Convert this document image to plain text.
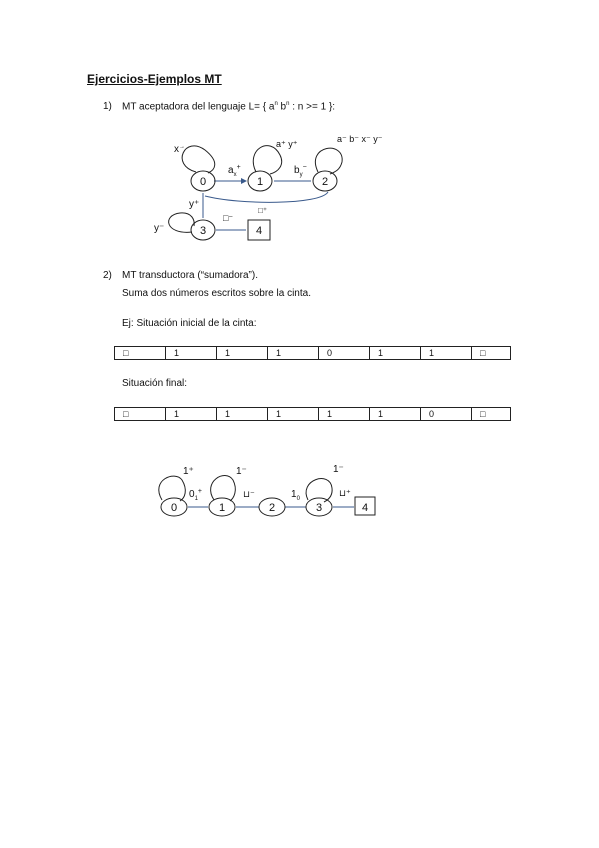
Ejercicios-Ejemplos MT
1) MT aceptadora del lenguaje L= { $a^n$ $b^n$ : n >= 1 }:
0	1	2
3	4
x→
$a_x^+$
a⁺ y⁺
$b_y^-$
a⁻ b⁻ x⁻ y⁻
□⁺
y⁺
y⁻
□⁻
2) MT transductora (“sumadora”).
Suma dos números escritos sobre la cinta.
Ej: Situación inicial de la cinta:
□	1	1	1	0	1	1	□
Situación final:
□	1	1	1	1	1	0	□
0	1	2	3	4
1⁺
$0_1^+$
1⁻
⊔⁻	$1_0$
1⁻
⊔⁺
